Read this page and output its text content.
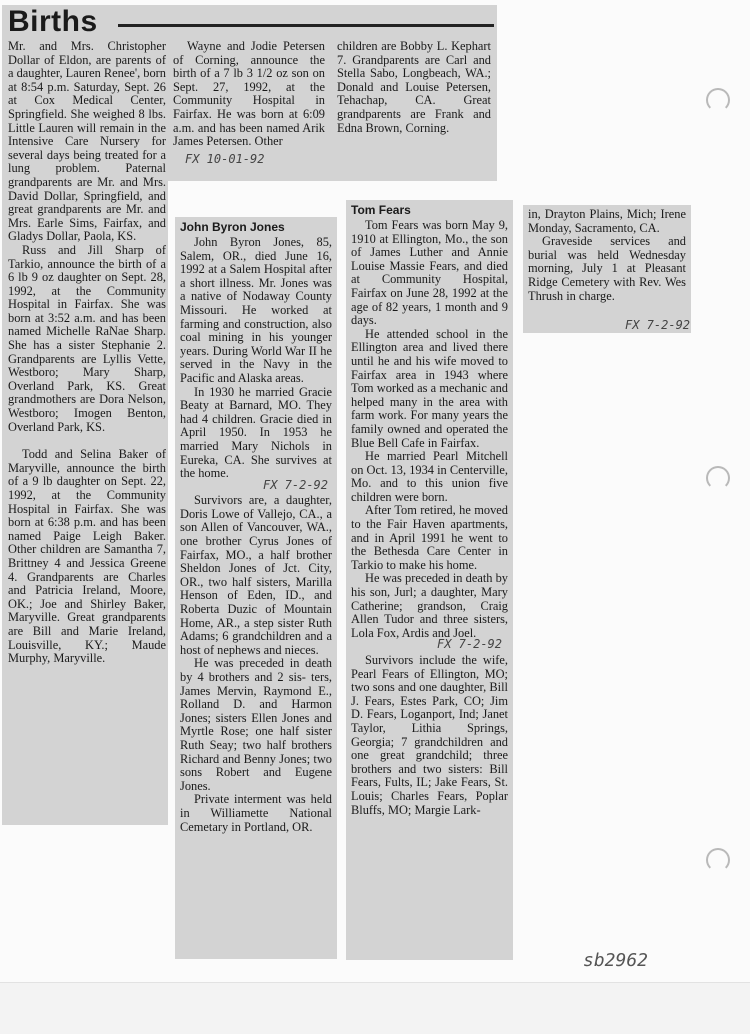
Births

Mr. and Mrs. Christopher Dollar of Eldon, are parents of a daughter, Lauren Renee', born at 8:54 p.m. Saturday, Sept. 26 at Cox Medical Center, Springfield. She weighed 8 lbs. Little Lauren will remain in the Intensive Care Nursery for several days being treated for a lung problem. Paternal grandparents are Mr. and Mrs. David Dollar, Springfield, and great grandparents are Mr. and Mrs. Earle Sims, Fairfax, and Gladys Dollar, Paola, KS.

Russ and Jill Sharp of Tarkio, announce the birth of a 6 lb 9 oz daughter on Sept. 28, 1992, at the Community Hospital in Fairfax. She was born at 3:52 a.m. and has been named Michelle RaNae Sharp. She has a sister Stephanie 2. Grandparents are Lyllis Vette, Westboro; Mary Sharp, Overland Park, KS. Great grandmothers are Dora Nelson, Westboro; Imogen Benton, Overland Park, KS.

Todd and Selina Baker of Maryville, announce the birth of a 9 lb daughter on Sept. 22, 1992, at the Community Hospital in Fairfax. She was born at 6:38 p.m. and has been named Paige Leigh Baker. Other children are Samantha 7, Brittney 4 and Jessica Greene 4. Grandparents are Charles and Patricia Ireland, Moore, OK.; Joe and Shirley Baker, Maryville. Great grandparents are Bill and Marie Ireland, Louisville, KY.; Maude Murphy, Maryville.

Wayne and Jodie Petersen of Corning, announce the birth of a 7 lb 3 1/2 oz son on Sept. 27, 1992, at the Community Hospital in Fairfax. He was born at 6:09 a.m. and has been named Arik James Petersen. Other

FX 10-01-92

children are Bobby L. Kephart 7. Grandparents are Carl and Stella Sabo, Longbeach, WA.; Donald and Louise Petersen, Tehachap, CA. Great grandparents are Frank and Edna Brown, Corning.

John Byron Jones

John Byron Jones, 85, Salem, OR., died June 16, 1992 at a Salem Hospital after a short illness. Mr. Jones was a native of Nodaway County Missouri. He worked at farming and construction, also coal mining in his younger years. During World War II he served in the Navy in the Pacific and Alaska areas.

In 1930 he married Gracie Beaty at Barnard, MO. They had 4 children. Gracie died in April 1950. In 1953 he married Mary Nichols in Eureka, CA. She survives at the home.

FX 7-2-92

Survivors are, a daughter, Doris Lowe of Vallejo, CA., a son Allen of Vancouver, WA., one brother Cyrus Jones of Fairfax, MO., a half brother Sheldon Jones of Jct. City, OR., two half sisters, Marilla Henson of Eden, ID., and Roberta Duzic of Mountain Home, AR., a step sister Ruth Adams; 6 grandchildren and a host of nephews and nieces.

He was preceded in death by 4 brothers and 2 sis- ters, James Mervin, Raymond E., Rolland D. and Harmon Jones; sisters Ellen Jones and Myrtle Rose; one half sister Ruth Seay; two half brothers Richard and Benny Jones; two sons Robert and Eugene Jones.

Private interment was held in Williamette National Cemetary in Portland, OR.

Tom Fears

Tom Fears was born May 9, 1910 at Ellington, Mo., the son of James Luther and Annie Louise Massie Fears, and died at Community Hospital, Fairfax on June 28, 1992 at the age of 82 years, 1 month and 9 days.

He attended school in the Ellington area and lived there until he and his wife moved to Fairfax area in 1943 where Tom worked as a mechanic and helped many in the area with farm work. For many years the family owned and operated the Blue Bell Cafe in Fairfax.

He married Pearl Mitchell on Oct. 13, 1934 in Centerville, Mo. and to this union five children were born.

After Tom retired, he moved to the Fair Haven apartments, and in April 1991 he went to the Bethesda Care Center in Tarkio to make his home.

He was preceded in death by his son, Jurl; a daughter, Mary Catherine; grandson, Craig Allen Tudor and three sisters, Lola Fox, Ardis and Joel.

FX 7-2-92

Survivors include the wife, Pearl Fears of Ellington, MO; two sons and one daughter, Bill J. Fears, Estes Park, CO; Jim D. Fears, Loganport, Ind; Janet Taylor, Lithia Springs, Georgia; 7 grandchildren and one great grandchild; three brothers and two sisters: Bill Fears, Fults, IL; Jake Fears, St. Louis; Charles Fears, Poplar Bluffs, MO; Margie Lark-

in, Drayton Plains, Mich; Irene Monday, Sacramento, CA.

Graveside services and burial was held Wednesday morning, July 1 at Pleasant Ridge Cemetery with Rev. Wes Thrush in charge.

FX 7-2-92
sb2962
